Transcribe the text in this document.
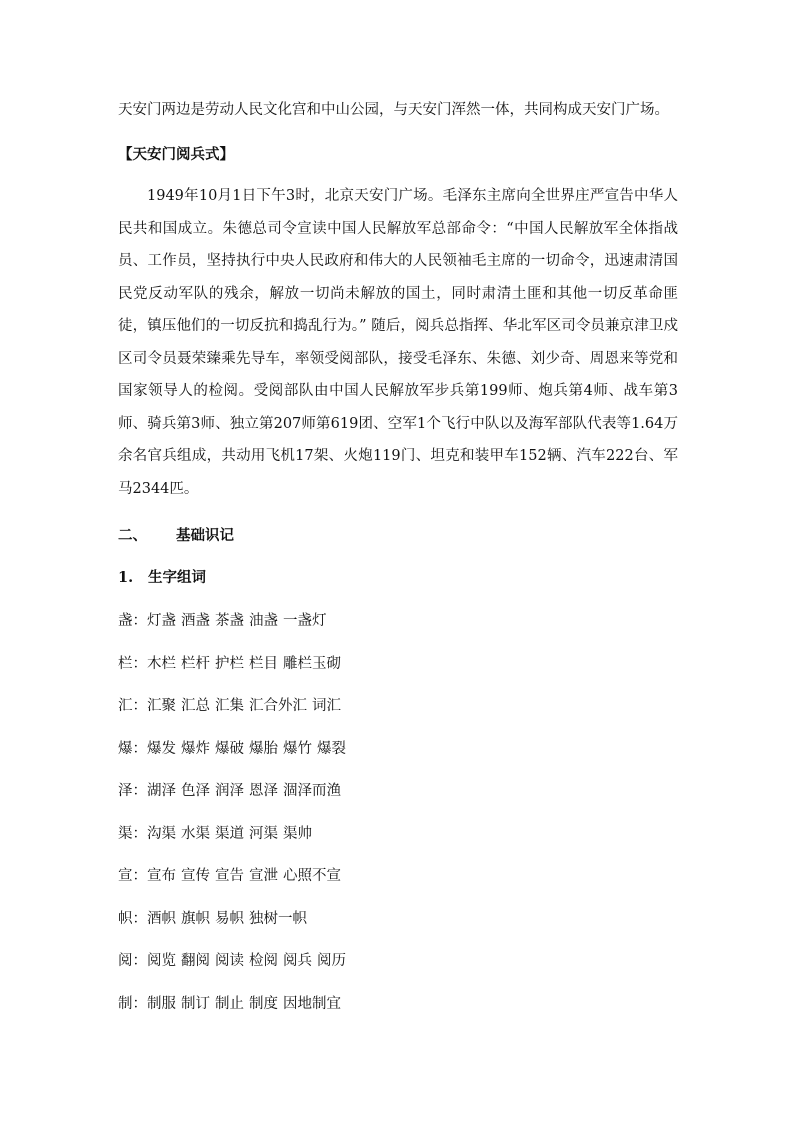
天安门两边是劳动人民文化宫和中山公园，与天安门浑然一体，共同构成天安门广场。
【天安门阅兵式】

1949年10月1日下午3时，北京天安门广场。毛泽东主席向全世界庄严宣告中华人民共和国成立。朱德总司令宣读中国人民解放军总部命令：“中国人民解放军全体指战员、工作员，坚持执行中央人民政府和伟大的人民领袖毛主席的一切命令，迅速肃清国民党反动军队的残余，解放一切尚未解放的国土，同时肃清土匪和其他一切反革命匪徒，镇压他们的一切反抗和捣乱行为。” 随后，阅兵总指挥、华北军区司令员兼京津卫戍区司令员聂荣臻乘先导车，率领受阅部队，接受毛泽东、朱德、刘少奇、周恩来等党和国家领导人的检阅。受阅部队由中国人民解放军步兵第199师、炮兵第4师、战车第3师、骑兵第3师、独立第207师第619团、空军1个飞行中队以及海军部队代表等1.64万余名官兵组成，共动用飞机17架、火炮119门、坦克和装甲车152辆、汽车222台、军马2344匹。

二、 基础识记
1. 生字组词
盏：灯盏 酒盏 茶盏 油盏 一盏灯
栏：木栏 栏杆 护栏 栏目 雕栏玉砌
汇：汇聚 汇总 汇集 汇合外汇 词汇
爆：爆发 爆炸 爆破 爆胎 爆竹 爆裂
泽：湖泽 色泽 润泽 恩泽 涸泽而渔
渠：沟渠 水渠 渠道 河渠 渠帅
宣：宣布 宣传 宣告 宣泄 心照不宣
帜：酒帜 旗帜 易帜 独树一帜
阅：阅览 翻阅 阅读 检阅 阅兵 阅历
制：制服 制订 制止 制度 因地制宜
